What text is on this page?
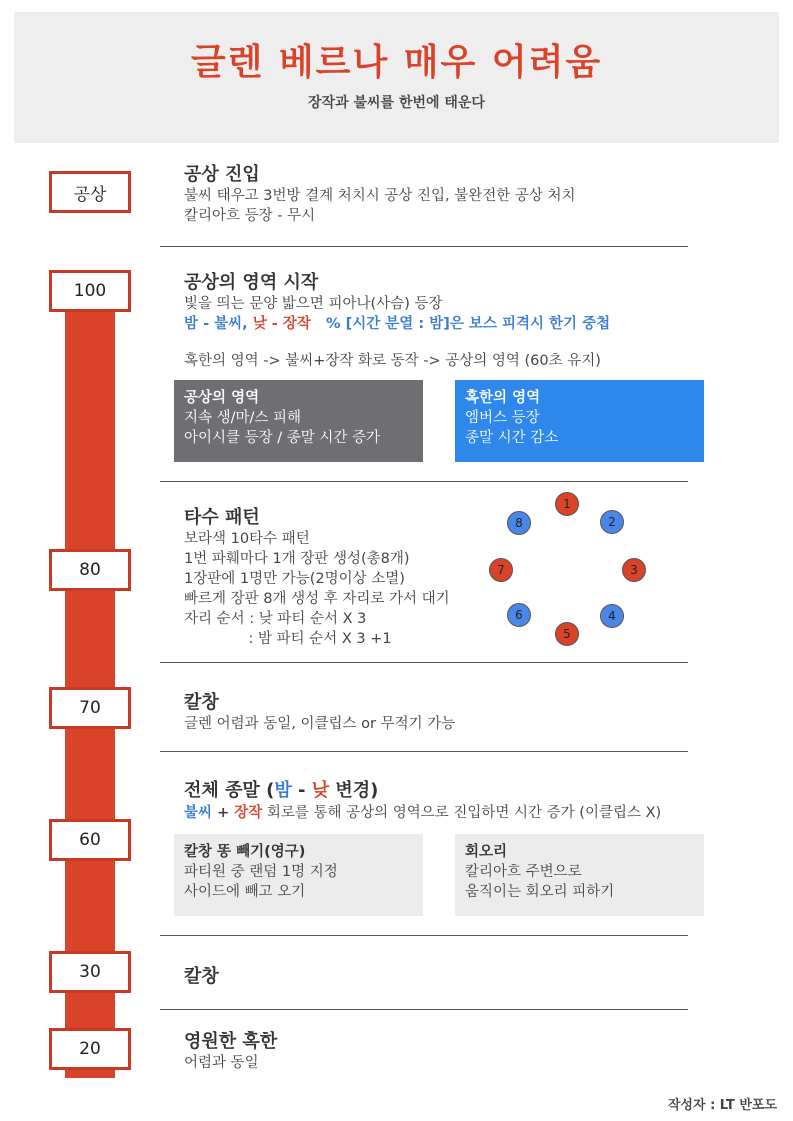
글렌 베르나 매우 어려움
장작과 불씨를 한번에 태운다
공상
100
80
70
60
30
20
공상 진입
불씨 태우고 3번방 결계 처치시 공상 진입, 불완전한 공상 처치
칼리아흐 등장 - 무시
공상의 영역 시작
빛을 띄는 문양 밟으면 피아나(사슴) 등장
밤 - 불씨, 낮 - 장작   % [시간 분열 : 밤]은 보스 피격시 한기 중첩
혹한의 영역 -> 불씨+장작 화로 동작 -> 공상의 영역 (60초 유지)
공상의 영역
지속 생/마/스 피해
아이시클 등장 / 종말 시간 증가
혹한의 영역
엠버스 등장
종말 시간 감소
타수 패턴
보라색 10타수 패턴
1번 파훼마다 1개 장판 생성(총8개)
1장판에 1명만 가능(2명이상 소멸)
빠르게 장판 8개 생성 후 자리로 가서 대기
자리 순서 : 낮 파티 순서 X 3
: 밤 파티 순서 X 3 +1
1
2
3
4
5
6
7
8
칼창
글렌 어렴과 동일, 이클립스 or 무적기 가능
전체 종말 (밤 - 낮 변경)
불씨 + 장작 회로를 통해 공상의 영역으로 진입하면 시간 증가 (이클립스 X)
칼창 똥 빼기(영구)
파티원 중 랜덤 1명 지정
사이드에 빼고 오기
회오리
칼리아흐 주변으로
움직이는 회오리 피하기
칼창
영원한 혹한
어렴과 동일
작성자 : LT 반포도
